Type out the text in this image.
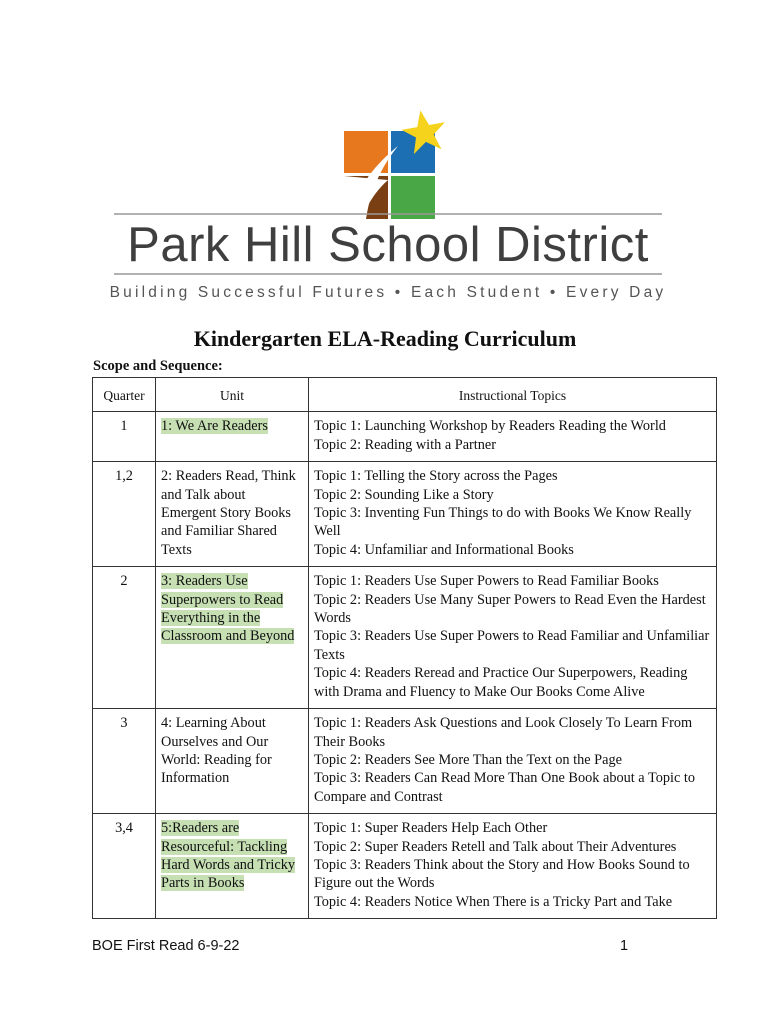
Park Hill School District
Building Successful Futures • Each Student • Every Day
Kindergarten ELA-Reading Curriculum
Scope and Sequence:
Quarter	Unit	Instructional Topics
1	1: We Are Readers	Topic 1: Launching Workshop by Readers Reading the World
Topic 2: Reading with a Partner

1,2	2: Readers Read, Think and Talk about Emergent Story Books and Familiar Shared Texts	Topic 1: Telling the Story across the Pages
Topic 2: Sounding Like a Story
Topic 3: Inventing Fun Things to do with Books We Know Really Well
Topic 4: Unfamiliar and Informational Books

2	3: Readers Use Superpowers to Read Everything in the Classroom and Beyond	Topic 1: Readers Use Super Powers to Read Familiar Books
Topic 2: Readers Use Many Super Powers to Read Even the Hardest Words
Topic 3: Readers Use Super Powers to Read Familiar and Unfamiliar Texts
Topic 4: Readers Reread and Practice Our Superpowers, Reading with Drama and Fluency to Make Our Books Come Alive

3	4: Learning About Ourselves and Our World: Reading for Information	Topic 1: Readers Ask Questions and Look Closely To Learn From Their Books
Topic 2: Readers See More Than the Text on the Page
Topic 3: Readers Can Read More Than One Book about a Topic to Compare and Contrast

3,4	5:Readers are Resourceful: Tackling Hard Words and Tricky Parts in Books	Topic 1: Super Readers Help Each Other
Topic 2: Super Readers Retell and Talk about Their Adventures
Topic 3: Readers Think about the Story and How Books Sound to Figure out the Words
Topic 4: Readers Notice When There is a Tricky Part and Take
BOE First Read 6-9-22	1
